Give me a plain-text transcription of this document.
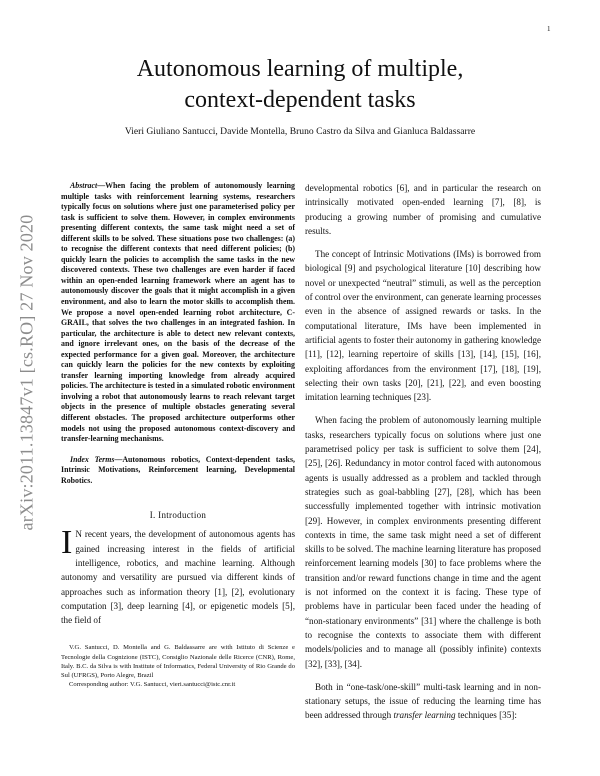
1
arXiv:2011.13847v1 [cs.RO] 27 Nov 2020
Autonomous learning of multiple,
context-dependent tasks
Vieri Giuliano Santucci, Davide Montella, Bruno Castro da Silva and Gianluca Baldassarre

Abstract—When facing the problem of autonomously learning multiple tasks with reinforcement learning systems, researchers typically focus on solutions where just one parameterised policy per task is sufficient to solve them. However, in complex environments presenting different contexts, the same task might need a set of different skills to be solved. These situations pose two challenges: (a) to recognise the different contexts that need different policies; (b) quickly learn the policies to accomplish the same tasks in the new discovered contexts. These two challenges are even harder if faced within an open-ended learning framework where an agent has to autonomously discover the goals that it might accomplish in a given environment, and also to learn the motor skills to accomplish them. We propose a novel open-ended learning robot architecture, C-GRAIL, that solves the two challenges in an integrated fashion. In particular, the architecture is able to detect new relevant contexts, and ignore irrelevant ones, on the basis of the decrease of the expected performance for a given goal. Moreover, the architecture can quickly learn the policies for the new contexts by exploiting transfer learning importing knowledge from already acquired policies. The architecture is tested in a simulated robotic environment involving a robot that autonomously learns to reach relevant target objects in the presence of multiple obstacles generating several different obstacles. The proposed architecture outperforms other models not using the proposed autonomous context-discovery and transfer-learning mechanisms.

Index Terms—Autonomous robotics, Context-dependent tasks, Intrinsic Motivations, Reinforcement learning, Developmental Robotics.

I. Introduction

I N recent years, the development of autonomous agents has gained increasing interest in the fields of artificial intelligence, robotics, and machine learning. Although autonomy and versatility are pursued via different kinds of approaches such as information theory [1], [2], evolutionary computation [3], deep learning [4], or epigenetic models [5], the field of

V.G. Santucci, D. Montella and G. Baldassarre are with Istituto di Scienze e Tecnologie della Cognizione (ISTC), Consiglio Nazionale delle Ricerce (CNR), Rome, Italy. B.C. da Silva is with Institute of Informatics, Federal University of Rio Grande do Sul (UFRGS), Porto Alegre, Brazil

Corresponding author: V.G. Santucci, vieri.santucci@istc.cnr.it

developmental robotics [6], and in particular the research on intrinsically motivated open-ended learning [7], [8], is producing a growing number of promising and cumulative results.

The concept of Intrinsic Motivations (IMs) is borrowed from biological [9] and psychological literature [10] describing how novel or unexpected “neutral” stimuli, as well as the perception of control over the environment, can generate learning processes even in the absence of assigned rewards or tasks. In the computational literature, IMs have been implemented in artificial agents to foster their autonomy in gathering knowledge [11], [12], learning repertoire of skills [13], [14], [15], [16], exploiting affordances from the environment [17], [18], [19], selecting their own tasks [20], [21], [22], and even boosting imitation learning techniques [23].

When facing the problem of autonomously learning multiple tasks, researchers typically focus on solutions where just one parametrised policy per task is sufficient to solve them [24], [25], [26]. Redundancy in motor control faced with autonomous agents is usually addressed as a problem and tackled through strategies such as goal-babbling [27], [28], which has been successfully implemented together with intrinsic motivation [29]. However, in complex environments presenting different contexts in time, the same task might need a set of different skills to be solved. The machine learning literature has proposed reinforcement learning models [30] to face problems where the transition and/or reward functions change in time and the agent is not informed on the context it is facing. These type of problems have in particular been faced under the heading of “non-stationary environments” [31] where the challenge is both to recognise the contexts to associate them with different models/policies and to manage all (possibly infinite) contexts [32], [33], [34].

Both in “one-task/one-skill” multi-task learning and in non-stationary setups, the issue of reducing the learning time has been addressed through transfer learning techniques [35]:
